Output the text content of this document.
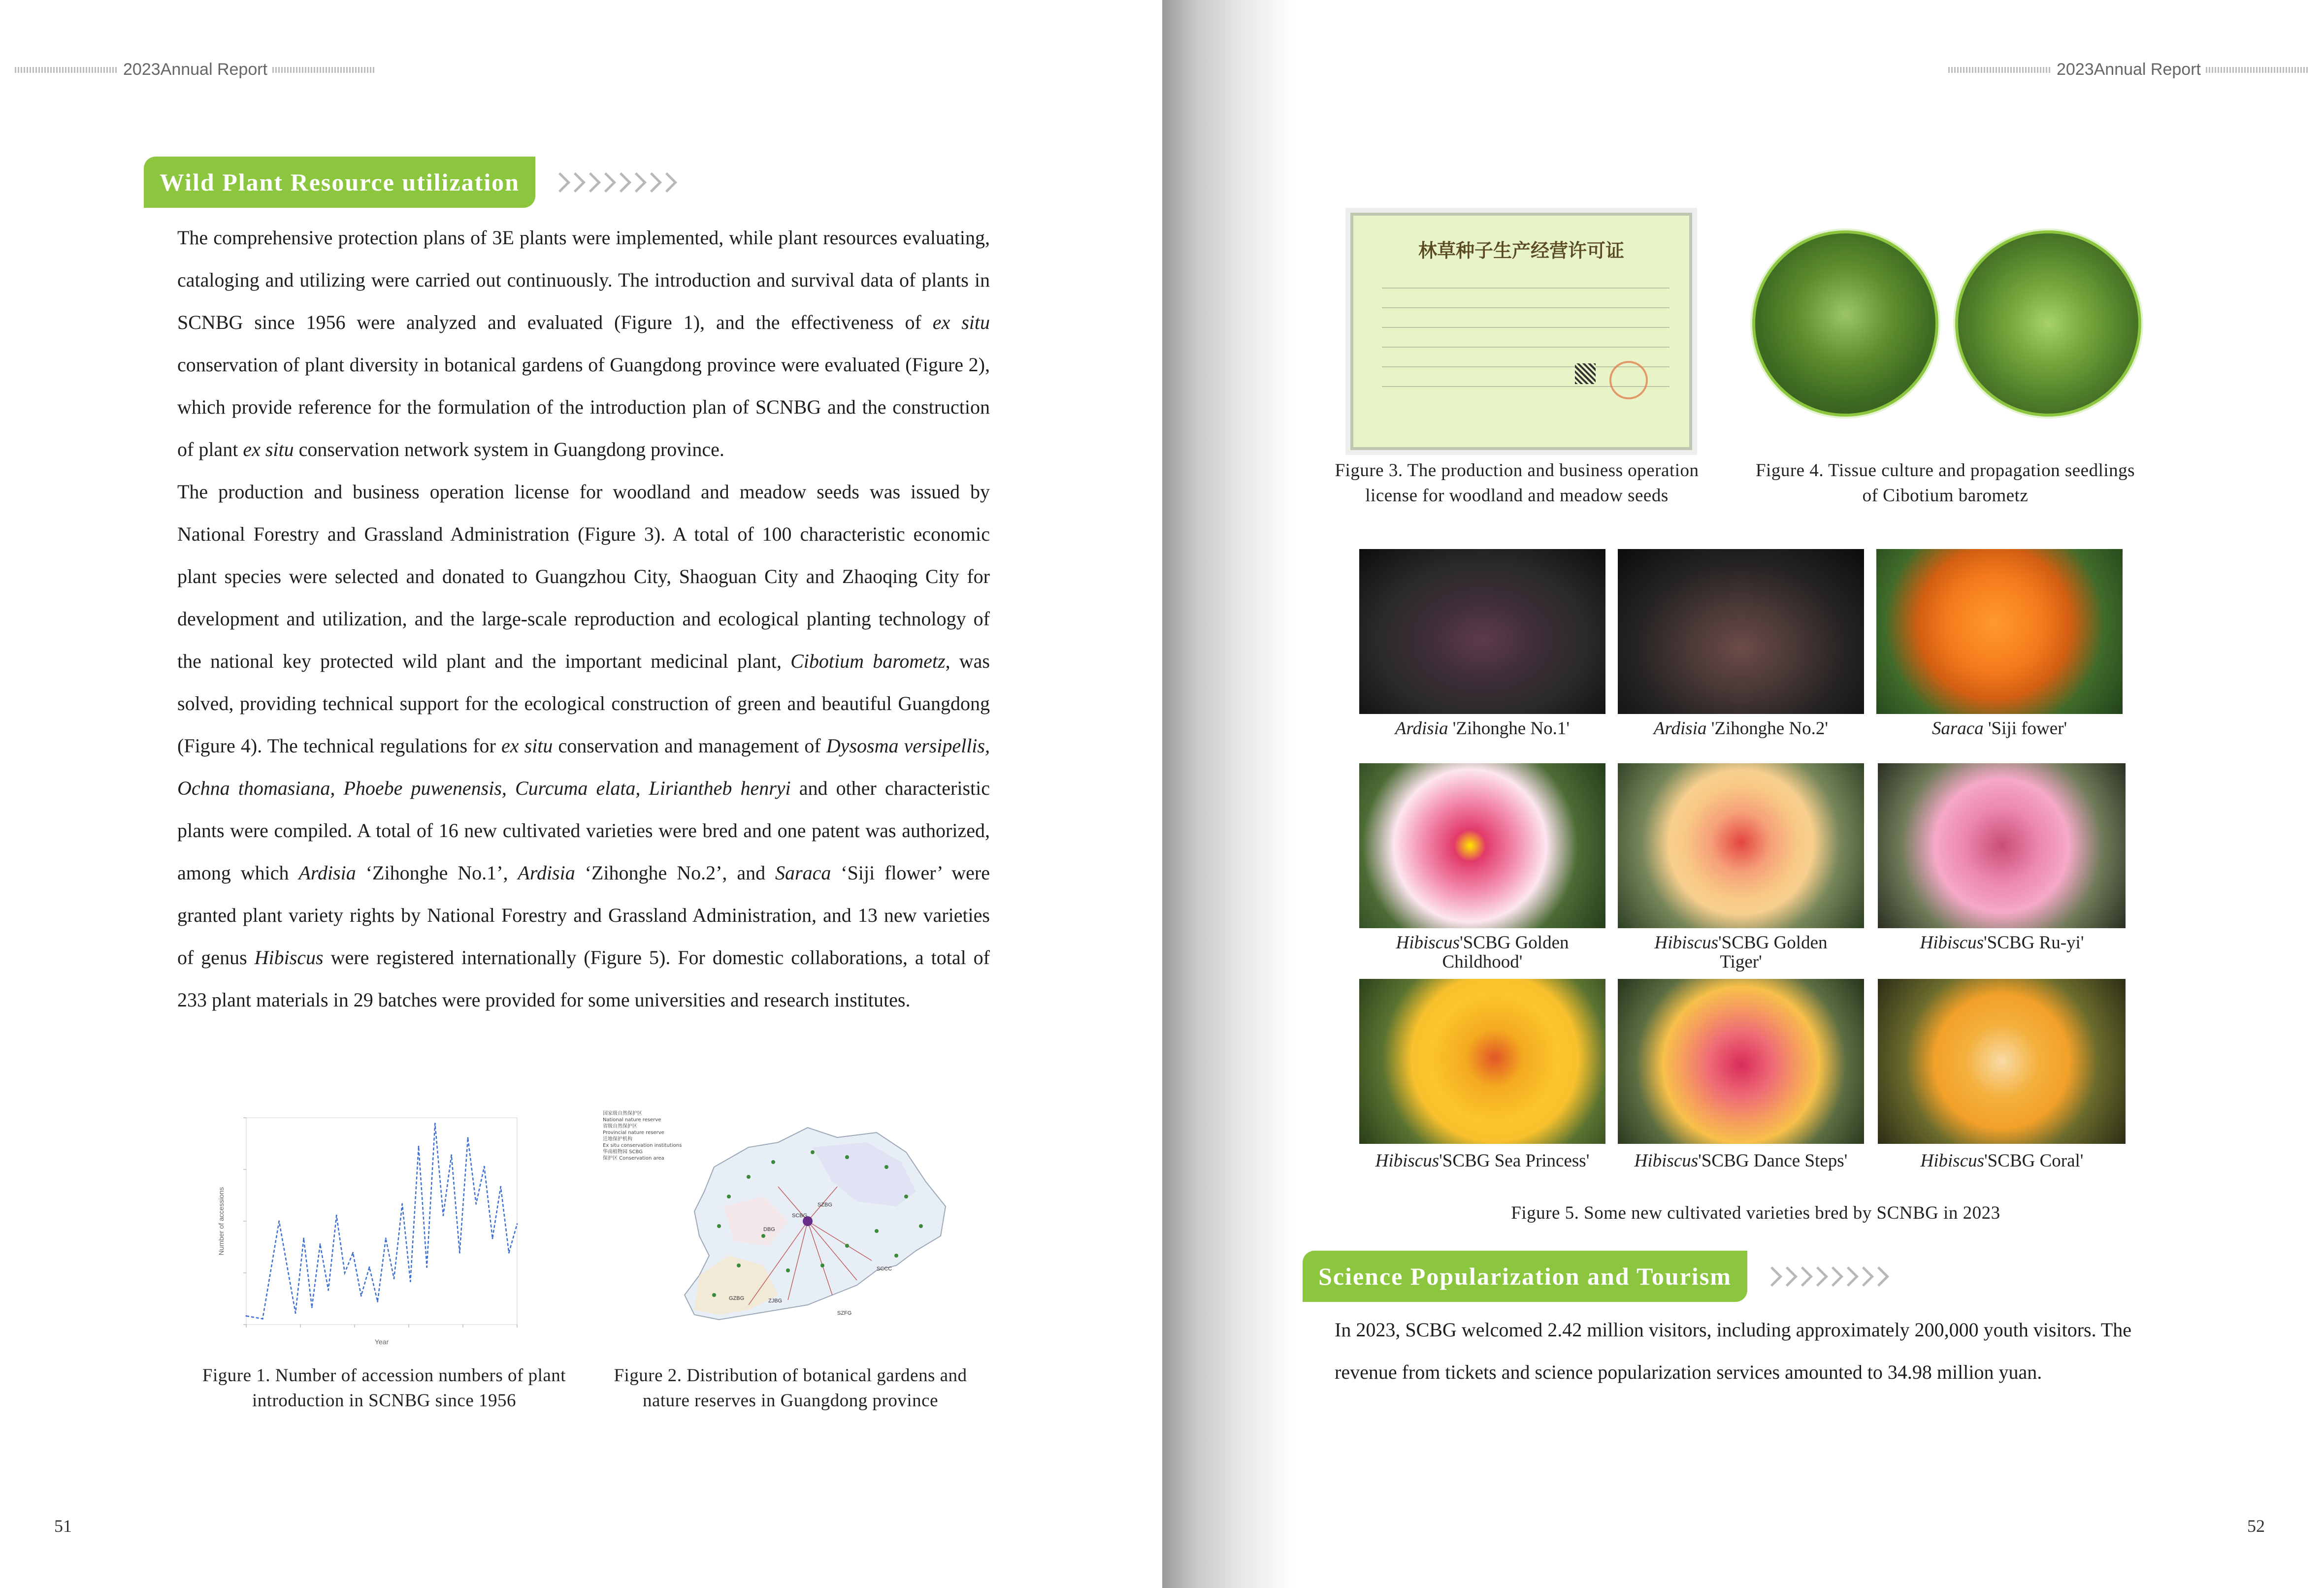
2023Annual Report
Wild Plant Resource utilization

The comprehensive protection plans of 3E plants were implemented, while plant resources evaluating, cataloging and utilizing were carried out continuously. The introduction and survival data of plants in SCNBG since 1956 were analyzed and evaluated (Figure 1), and the effectiveness of ex situ conservation of plant diversity in botanical gardens of Guangdong province were evaluated (Figure 2), which provide reference for the formulation of the introduction plan of SCNBG and the construction of plant ex situ conservation network system in Guangdong province.

The production and business operation license for woodland and meadow seeds was issued by National Forestry and Grassland Administration (Figure 3). A total of 100 characteristic economic plant species were selected and donated to Guangzhou City, Shaoguan City and Zhaoqing City for development and utilization, and the large-scale reproduction and ecological planting technology of the national key protected wild plant and the important medicinal plant, Cibotium barometz, was solved, providing technical support for the ecological construction of green and beautiful Guangdong (Figure 4). The technical regulations for ex situ conservation and management of Dysosma versipellis, Ochna thomasiana, Phoebe puwenensis, Curcuma elata, Liriantheb henryi and other characteristic plants were compiled. A total of 16 new cultivated varieties were bred and one patent was authorized, among which Ardisia ‘Zihonghe No.1’, Ardisia ‘Zihonghe No.2’, and Saraca ‘Siji flower’ were granted plant variety rights by National Forestry and Grassland Administration, and 13 new varieties of genus Hibiscus were registered internationally (Figure 5). For domestic collaborations, a total of 233 plant materials in 29 batches were provided for some universities and research institutes.

Year
Number of accessions
Figure 1. Number of accession numbers of plant introduction in SCNBG since 1956
SCBG
SZBG
DBG
SCCC
GZBG	ZJBG
SZFG
国家级自然保护区
National nature reserve
省级自然保护区
Provincial nature reserve
迁地保护机构
Ex situ conservation institutions
华南植物园 SCBG
保护区 Conservation area
Figure 2. Distribution of botanical gardens and nature reserves in Guangdong province
51
2023Annual Report
52
林草种子生产经营许可证
Figure 3. The production and business operation license for woodland and meadow seeds
Figure 4. Tissue culture and propagation seedlings of Cibotium barometz
Ardisia 'Zihonghe No.1'	Ardisia 'Zihonghe No.2'	Saraca 'Siji fower'
Hibiscus'SCBG Golden Childhood'
Hibiscus'SCBG Golden Tiger'
Hibiscus'SCBG Ru-yi'
Hibiscus'SCBG Sea Princess' Hibiscus'SCBG Dance Steps'	Hibiscus'SCBG Coral'
Figure 5. Some new cultivated varieties bred by SCNBG in 2023
Science Popularization and Tourism

In 2023, SCBG welcomed 2.42 million visitors, including approximately 200,000 youth visitors. The revenue from tickets and science popularization services amounted to 34.98 million yuan.
